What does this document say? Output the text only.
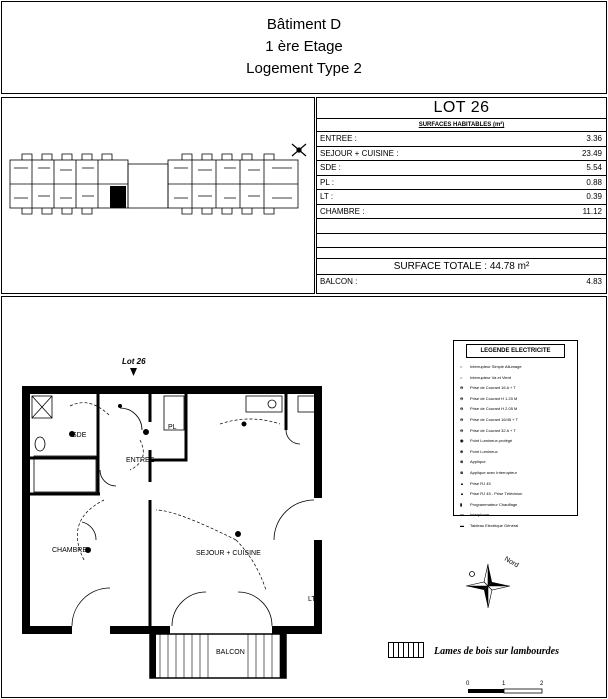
Bâtiment D
1 ère Etage
Logement Type 2
LOT 26
SURFACES HABITABLES (m²)
ENTREE :	3.36
SEJOUR + CUISINE :	23.49
SDE :	5.54
PL :	0.88
LT :	0.39
CHAMBRE :	11.12
SURFACE TOTALE : 44.78 m²
BALCON :	4.83
Lot 26
SDE
ENTREE
PL
CHAMBRE	SEJOUR + CUISINE
BALCON
LT
Nord
0	1	2
Lames de bois sur lambourdes
LEGENDE ELECTRICITE
○ Interrupteur Simple Allumage
○ Interrupteur Va et Vient
⊖ Prise de Courant 16 A + T
⊖ Prise de Courant H 1.20 M
⊖ Prise de Courant H 2.05 M
⊖ Prise de Courant 16/45 + T
⊖ Prise de Courant 32 A + T
◉ Point Lumineux protégé
⊕ Point Lumineux
⊗ Applique
⊗ Applique avec Interrupteur
▲ Prise RJ 45
▲ Prise RJ 45 - Prise Télévision
▮ Programmateur Chauffage
▭ Interphone
▬ Tableau Electrique Général
